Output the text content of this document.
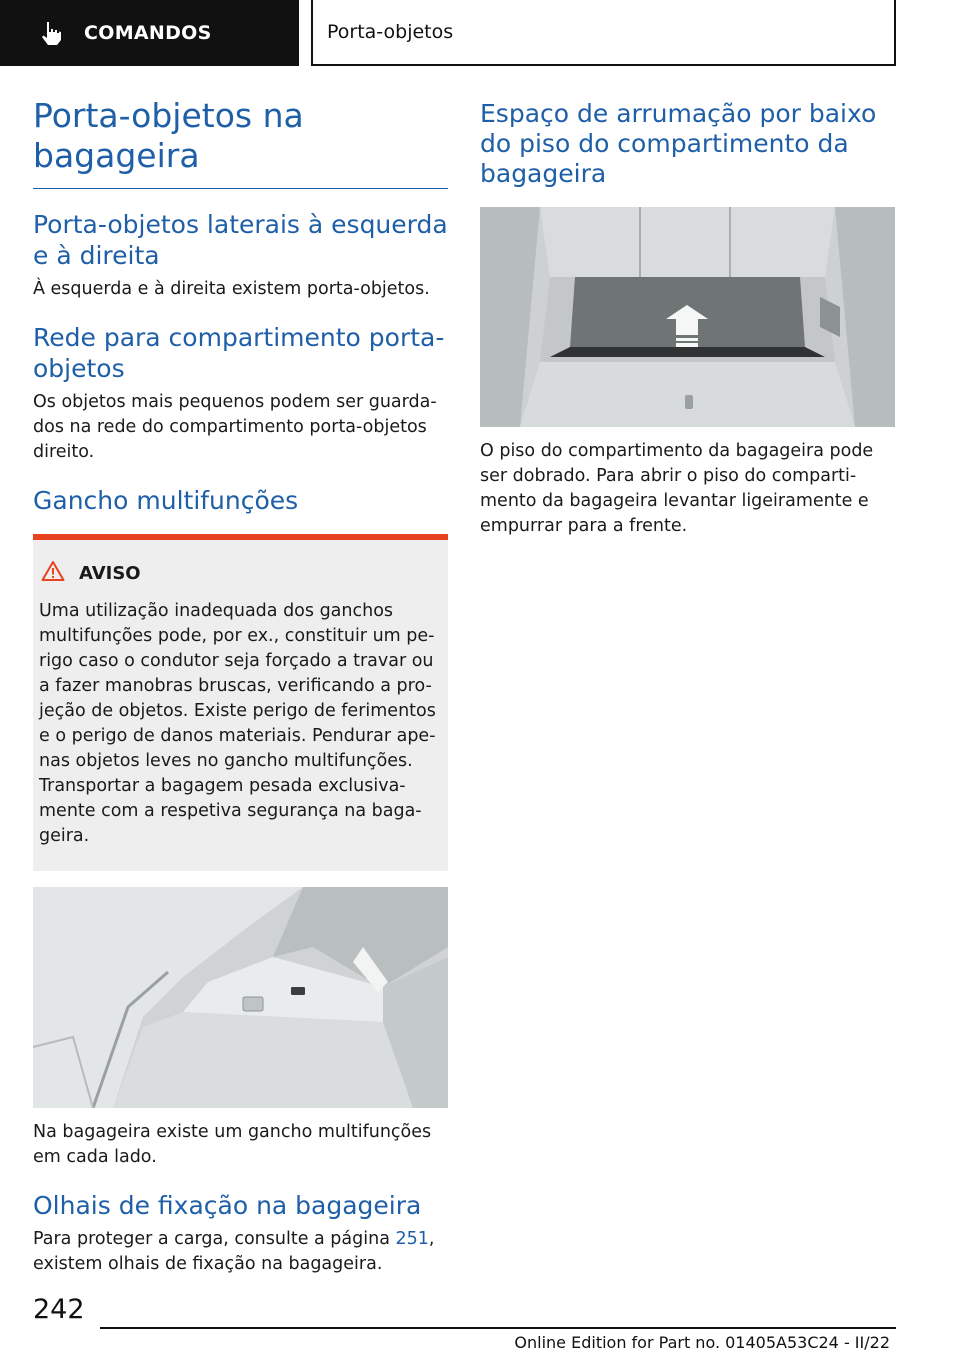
COMANDOS	Porta-objetos
Porta-objetos na bagageira
Porta-objetos laterais à esquerda e à direita

À esquerda e à direita existem porta-objetos.

Rede para compartimento porta-objetos

Os objetos mais pequenos podem ser guarda-dos na rede do compartimento porta-objetos direito.

Gancho multifunções
AVISO

Uma utilização inadequada dos ganchos multifunções pode, por ex., constituir um pe-rigo caso o condutor seja forçado a travar ou a fazer manobras bruscas, verificando a pro-jeção de objetos. Existe perigo de ferimentos e o perigo de danos materiais. Pendurar ape-nas objetos leves no gancho multifunções. Transportar a bagagem pesada exclusiva-mente com a respetiva segurança na baga-geira.

Na bagageira existe um gancho multifunções em cada lado.

Olhais de fixação na bagageira

Para proteger a carga, consulte a página 251, existem olhais de fixação na bagageira.

Espaço de arrumação por baixo do piso do compartimento da bagageira

O piso do compartimento da bagageira pode ser dobrado. Para abrir o piso do comparti-mento da bagageira levantar ligeiramente e empurrar para a frente.

242
Online Edition for Part no. 01405A53C24 - II/22
